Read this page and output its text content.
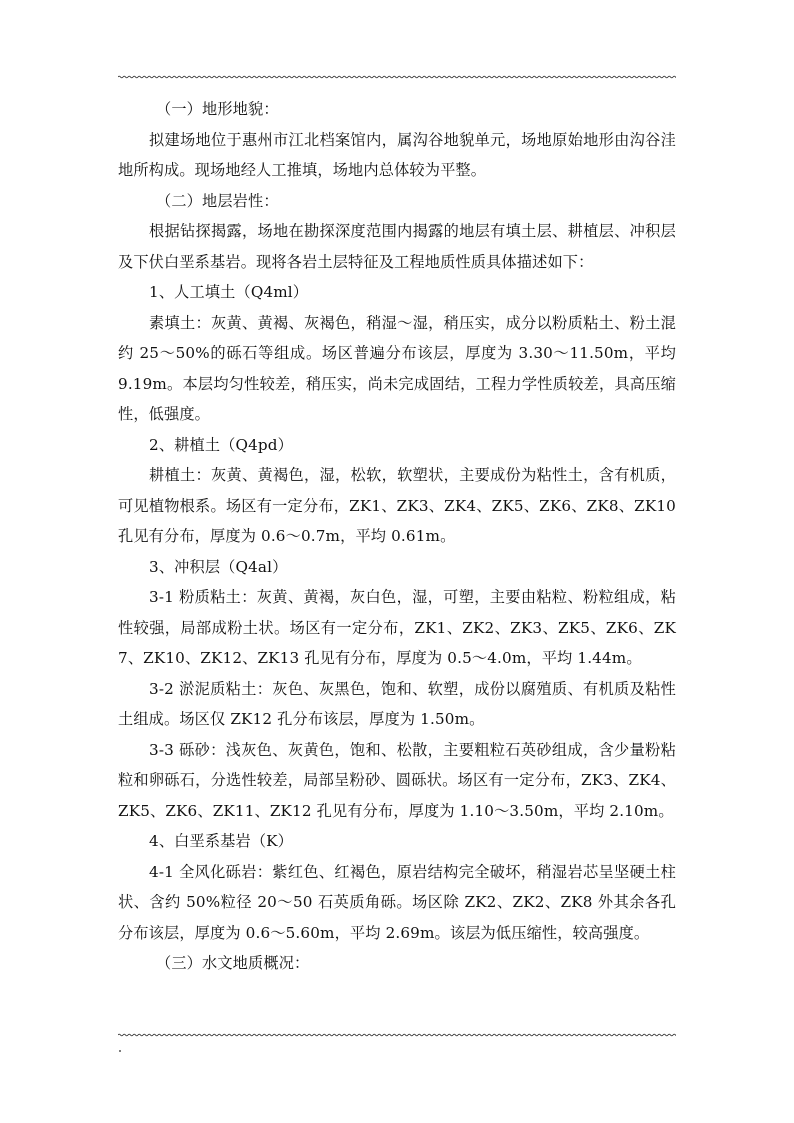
（一）地形地貌：

拟建场地位于惠州市江北档案馆内，属沟谷地貌单元，场地原始地形由沟谷洼地所构成。现场地经人工推填，场地内总体较为平整。

（二）地层岩性：

根据钻探揭露，场地在勘探深度范围内揭露的地层有填土层、耕植层、冲积层及下伏白垩系基岩。现将各岩土层特征及工程地质性质具体描述如下：

1、人工填土（Q4ml）

素填土：灰黄、黄褐、灰褐色，稍湿～湿，稍压实，成分以粉质粘土、粉土混约 25～50%的砾石等组成。场区普遍分布该层，厚度为 3.30～11.50m，平均 9.19m。本层均匀性较差，稍压实，尚未完成固结，工程力学性质较差，具高压缩性，低强度。

2、耕植土（Q4pd）

耕植土：灰黄、黄褐色，湿，松软，软塑状，主要成份为粘性土，含有机质，可见植物根系。场区有一定分布，ZK1、ZK3、ZK4、ZK5、ZK6、ZK8、ZK10 孔见有分布，厚度为 0.6～0.7m，平均 0.61m。

3、冲积层（Q4al）

3-1 粉质粘土：灰黄、黄褐，灰白色，湿，可塑，主要由粘粒、粉粒组成，粘性较强，局部成粉土状。场区有一定分布，ZK1、ZK2、ZK3、ZK5、ZK6、ZK7、ZK10、ZK12、ZK13 孔见有分布，厚度为 0.5～4.0m，平均 1.44m。

3-2 淤泥质粘土：灰色、灰黑色，饱和、软塑，成份以腐殖质、有机质及粘性土组成。场区仅 ZK12 孔分布该层，厚度为 1.50m。

3-3 砾砂：浅灰色、灰黄色，饱和、松散，主要粗粒石英砂组成，含少量粉粘粒和卵砾石，分选性较差，局部呈粉砂、圆砾状。场区有一定分布，ZK3、ZK4、ZK5、ZK6、ZK11、ZK12 孔见有分布，厚度为 1.10～3.50m，平均 2.10m。

4、白垩系基岩（K）

4-1 全风化砾岩：紫红色、红褐色，原岩结构完全破坏，稍湿岩芯呈坚硬土柱状、含约 50%粒径 20～50 石英质角砾。场区除 ZK2、ZK2、ZK8 外其余各孔分布该层，厚度为 0.6～5.60m，平均 2.69m。该层为低压缩性，较高强度。

（三）水文地质概况：
